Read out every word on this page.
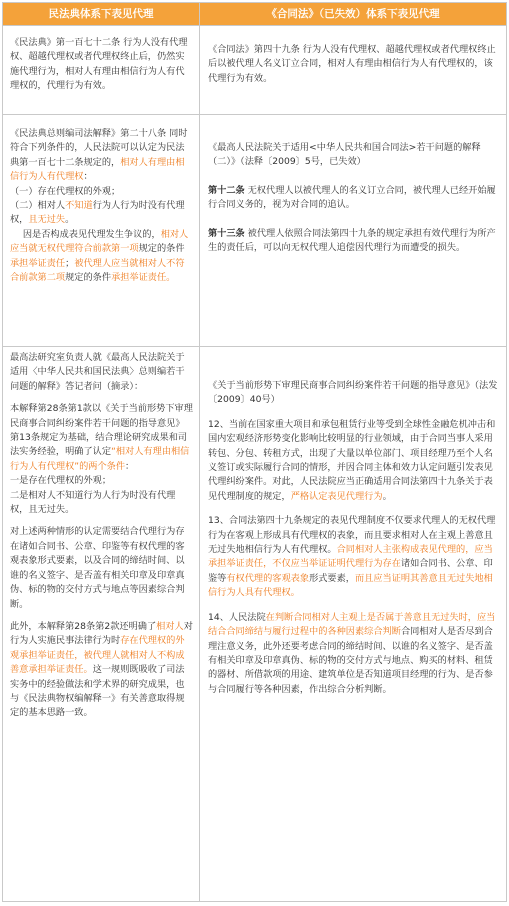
民法典体系下表见代理	《合同法》（已失效）体系下表见代理

《民法典》第一百七十二条 行为人没有代理权、超越代理权或者代理权终止后，仍然实施代理行为，相对人有理由相信行为人有代理权的，代理行为有效。

《合同法》第四十九条 行为人没有代理权、超越代理权或者代理权终止后以被代理人名义订立合同，相对人有理由相信行为人有代理权的，该代理行为有效。

《民法典总则编司法解释》第二十八条 同时符合下列条件的，人民法院可以认定为民法典第一百七十二条规定的，相对人有理由相信行为人有代理权：

（一）存在代理权的外观；

（二）相对人不知道行为人行为时没有代理权，且无过失。

因是否构成表见代理发生争议的，相对人应当就无权代理符合前款第一项规定的条件承担举证责任；被代理人应当就相对人不符合前款第二项规定的条件承担举证责任。

《最高人民法院关于适用<中华人民共和国合同法>若干问题的解释（二）》（法释〔2009〕5号，已失效）

第十二条 无权代理人以被代理人的名义订立合同，被代理人已经开始履行合同义务的，视为对合同的追认。

第十三条 被代理人依照合同法第四十九条的规定承担有效代理行为所产生的责任后，可以向无权代理人追偿因代理行为而遭受的损失。

最高法研究室负责人就《最高人民法院关于适用〈中华人民共和国民法典〉总则编若干问题的解释》答记者问（摘录）：

本解释第28条第1款以《关于当前形势下审理民商事合同纠纷案件若干问题的指导意见》第13条规定为基础，结合理论研究成果和司法实务经验，明确了认定“相对人有理由相信行为人有代理权”的两个条件：

一是存在代理权的外观；

二是相对人不知道行为人行为时没有代理权，且无过失。

对上述两种情形的认定需要结合代理行为存在诸如合同书、公章、印鉴等有权代理的客观表象形式要素，以及合同的缔结时间、以谁的名义签字、是否盖有相关印章及印章真伪、标的物的交付方式与地点等因素综合判断。

此外，本解释第28条第2款还明确了相对人对行为人实施民事法律行为时存在代理权的外观承担举证责任，被代理人就相对人不构成善意承担举证责任。这一规则既吸收了司法实务中的经验做法和学术界的研究成果，也与《民法典物权编解释一》有关善意取得规定的基本思路一致。

《关于当前形势下审理民商事合同纠纷案件若干问题的指导意见》（法发〔2009〕40号）

12、当前在国家重大项目和承包租赁行业等受到全球性金融危机冲击和国内宏观经济形势变化影响比较明显的行业领域，由于合同当事人采用转包、分包、转租方式，出现了大量以单位部门、项目经理乃至个人名义签订或实际履行合同的情形，并因合同主体和效力认定问题引发表见代理纠纷案件。对此，人民法院应当正确适用合同法第四十九条关于表见代理制度的规定，严格认定表见代理行为。

13、合同法第四十九条规定的表见代理制度不仅要求代理人的无权代理行为在客观上形成具有代理权的表象，而且要求相对人在主观上善意且无过失地相信行为人有代理权。合同相对人主张构成表见代理的，应当承担举证责任，不仅应当举证证明代理行为存在诸如合同书、公章、印鉴等有权代理的客观表象形式要素，而且应当证明其善意且无过失地相信行为人具有代理权。

14、人民法院在判断合同相对人主观上是否属于善意且无过失时，应当结合合同缔结与履行过程中的各种因素综合判断合同相对人是否尽到合理注意义务，此外还要考虑合同的缔结时间、以谁的名义签字、是否盖有相关印章及印章真伪、标的物的交付方式与地点、购买的材料、租赁的器材、所借款项的用途、建筑单位是否知道项目经理的行为、是否参与合同履行等各种因素，作出综合分析判断。
